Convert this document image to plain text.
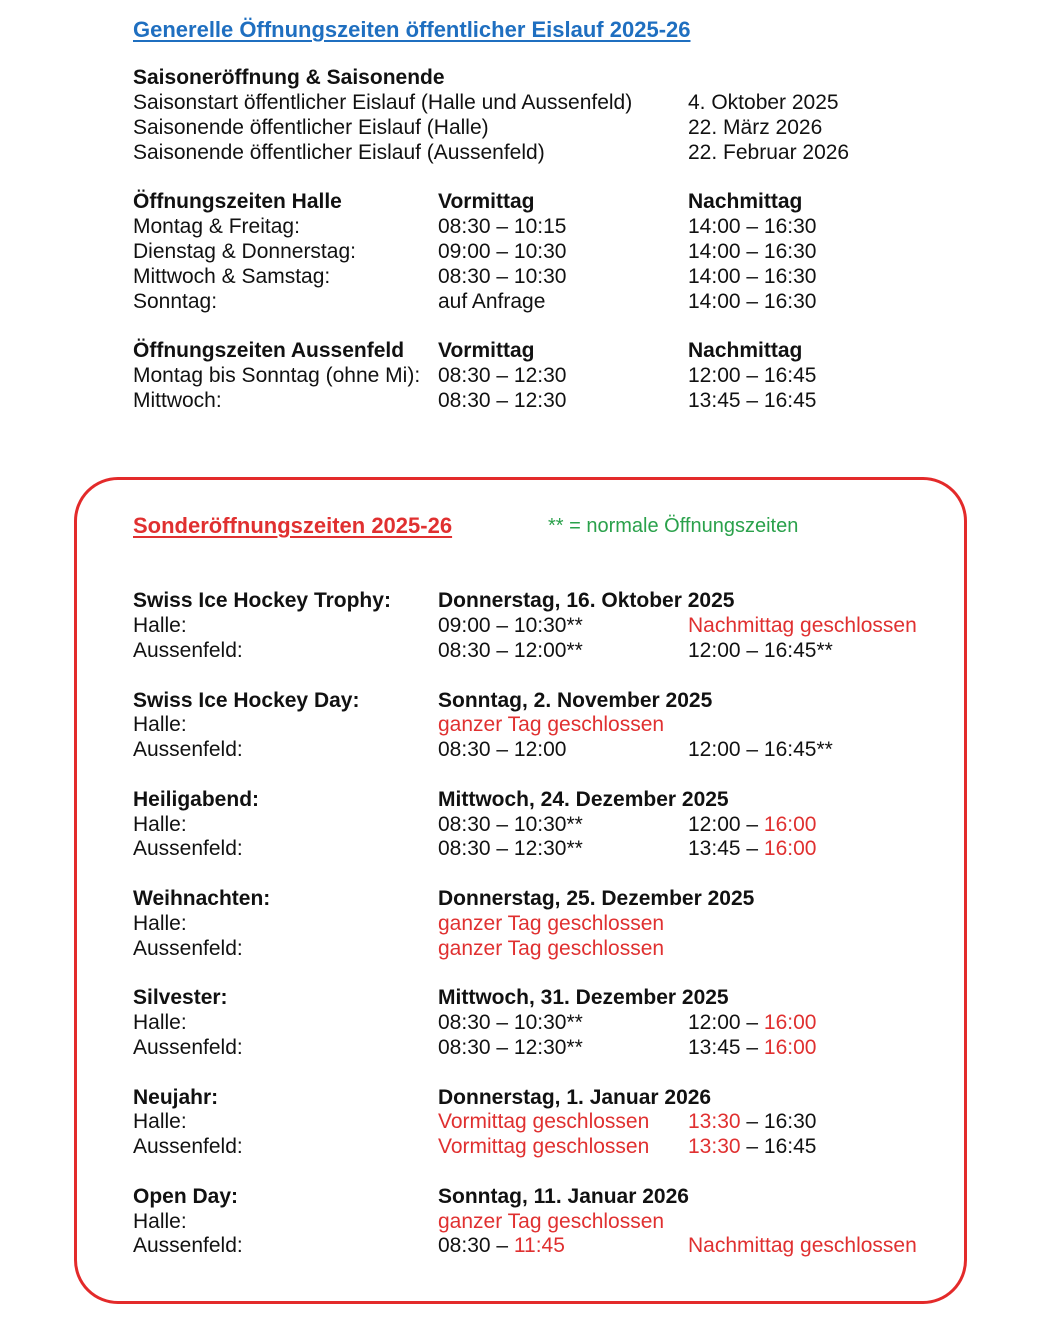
Generelle Öffnungszeiten öffentlicher Eislauf 2025-26
Saisoneröffnung & Saisonende
Saisonstart öffentlicher Eislauf (Halle und Aussenfeld)	4. Oktober 2025
Saisonende öffentlicher Eislauf (Halle)	22. März 2026
Saisonende öffentlicher Eislauf (Aussenfeld)	22. Februar 2026
Öffnungszeiten Halle	Vormittag	Nachmittag
Montag & Freitag:	08:30 – 10:15	14:00 – 16:30
Dienstag & Donnerstag:	09:00 – 10:30	14:00 – 16:30
Mittwoch & Samstag:	08:30 – 10:30	14:00 – 16:30
Sonntag:	auf Anfrage	14:00 – 16:30
Öffnungszeiten Aussenfeld Vormittag	Nachmittag
Montag bis Sonntag (ohne Mi): 08:30 – 12:30	12:00 – 16:45
Mittwoch:	08:30 – 12:30	13:45 – 16:45
Sonderöffnungszeiten 2025-26	** = normale Öffnungszeiten
Swiss Ice Hockey Trophy: Donnerstag, 16. Oktober 2025
Halle:	09:00 – 10:30**	Nachmittag geschlossen
Aussenfeld:	08:30 – 12:00**	12:00 – 16:45**
Swiss Ice Hockey Day:	Sonntag, 2. November 2025
Halle:	ganzer Tag geschlossen
Aussenfeld:	08:30 – 12:00	12:00 – 16:45**
Heiligabend:	Mittwoch, 24. Dezember 2025
Halle:	08:30 – 10:30**	12:00 – 16:00
Aussenfeld:	08:30 – 12:30**	13:45 – 16:00
Weihnachten:	Donnerstag, 25. Dezember 2025
Halle:	ganzer Tag geschlossen
Aussenfeld:	ganzer Tag geschlossen
Silvester:	Mittwoch, 31. Dezember 2025
Halle:	08:30 – 10:30**	12:00 – 16:00
Aussenfeld:	08:30 – 12:30**	13:45 – 16:00
Neujahr:	Donnerstag, 1. Januar 2026
Halle:	Vormittag geschlossen 13:30 – 16:30
Aussenfeld:	Vormittag geschlossen 13:30 – 16:45
Open Day:	Sonntag, 11. Januar 2026
Halle:	ganzer Tag geschlossen
Aussenfeld:	08:30 – 11:45	Nachmittag geschlossen
